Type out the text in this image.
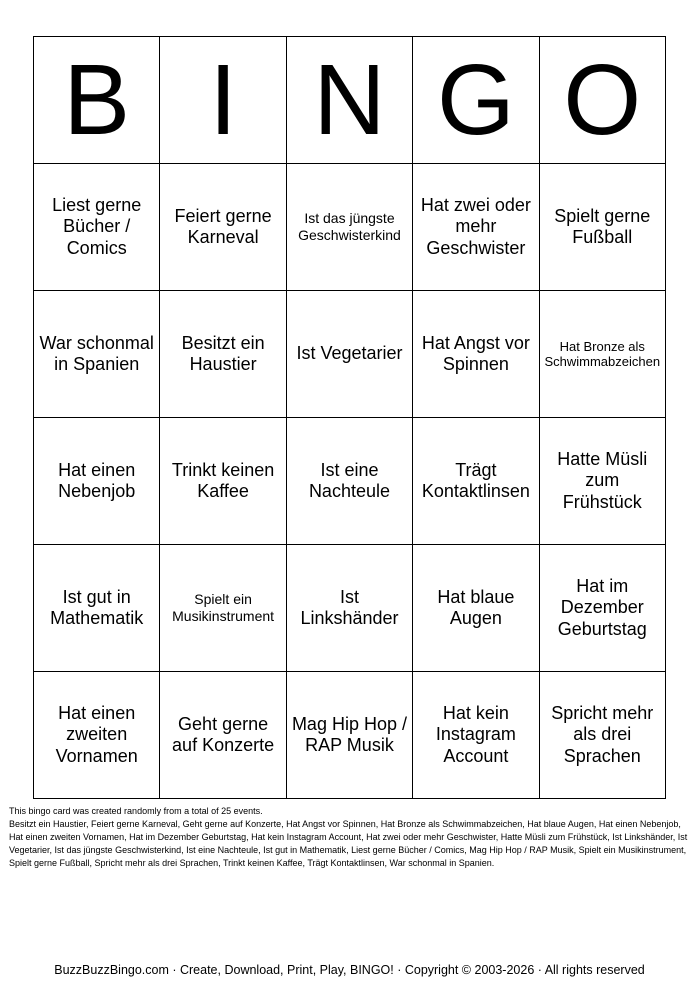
B	I	N	G	O
Liest gerne Bücher / Comics	Feiert gerne Karneval	Ist das jüngste Geschwisterkind	Hat zwei oder mehr Geschwister	Spielt gerne Fußball
War schonmal in Spanien	Besitzt ein Haustier	Ist Vegetarier	Hat Angst vor Spinnen	Hat Bronze als Schwimmabzeichen
Hat einen Nebenjob	Trinkt keinen Kaffee	Ist eine Nachteule	Trägt Kontaktlinsen	Hatte Müsli zum Frühstück
Ist gut in Mathematik	Spielt ein Musikinstrument	Ist Linkshänder	Hat blaue Augen	Hat im Dezember Geburtstag
Hat einen zweiten Vornamen	Geht gerne auf Konzerte	Mag Hip Hop / RAP Musik	Hat kein Instagram Account	Spricht mehr als drei Sprachen

This bingo card was created randomly from a total of 25 events.

Besitzt ein Haustier, Feiert gerne Karneval, Geht gerne auf Konzerte, Hat Angst vor Spinnen, Hat Bronze als Schwimmabzeichen, Hat blaue Augen, Hat einen Nebenjob, Hat einen zweiten Vornamen, Hat im Dezember Geburtstag, Hat kein Instagram Account, Hat zwei oder mehr Geschwister, Hatte Müsli zum Frühstück, Ist Linkshänder, Ist Vegetarier, Ist das jüngste Geschwisterkind, Ist eine Nachteule, Ist gut in Mathematik, Liest gerne Bücher / Comics, Mag Hip Hop / RAP Musik, Spielt ein Musikinstrument, Spielt gerne Fußball, Spricht mehr als drei Sprachen, Trinkt keinen Kaffee, Trägt Kontaktlinsen, War schonmal in Spanien.

BuzzBuzzBingo.com · Create, Download, Print, Play, BINGO! · Copyright © 2003-2026 · All rights reserved
